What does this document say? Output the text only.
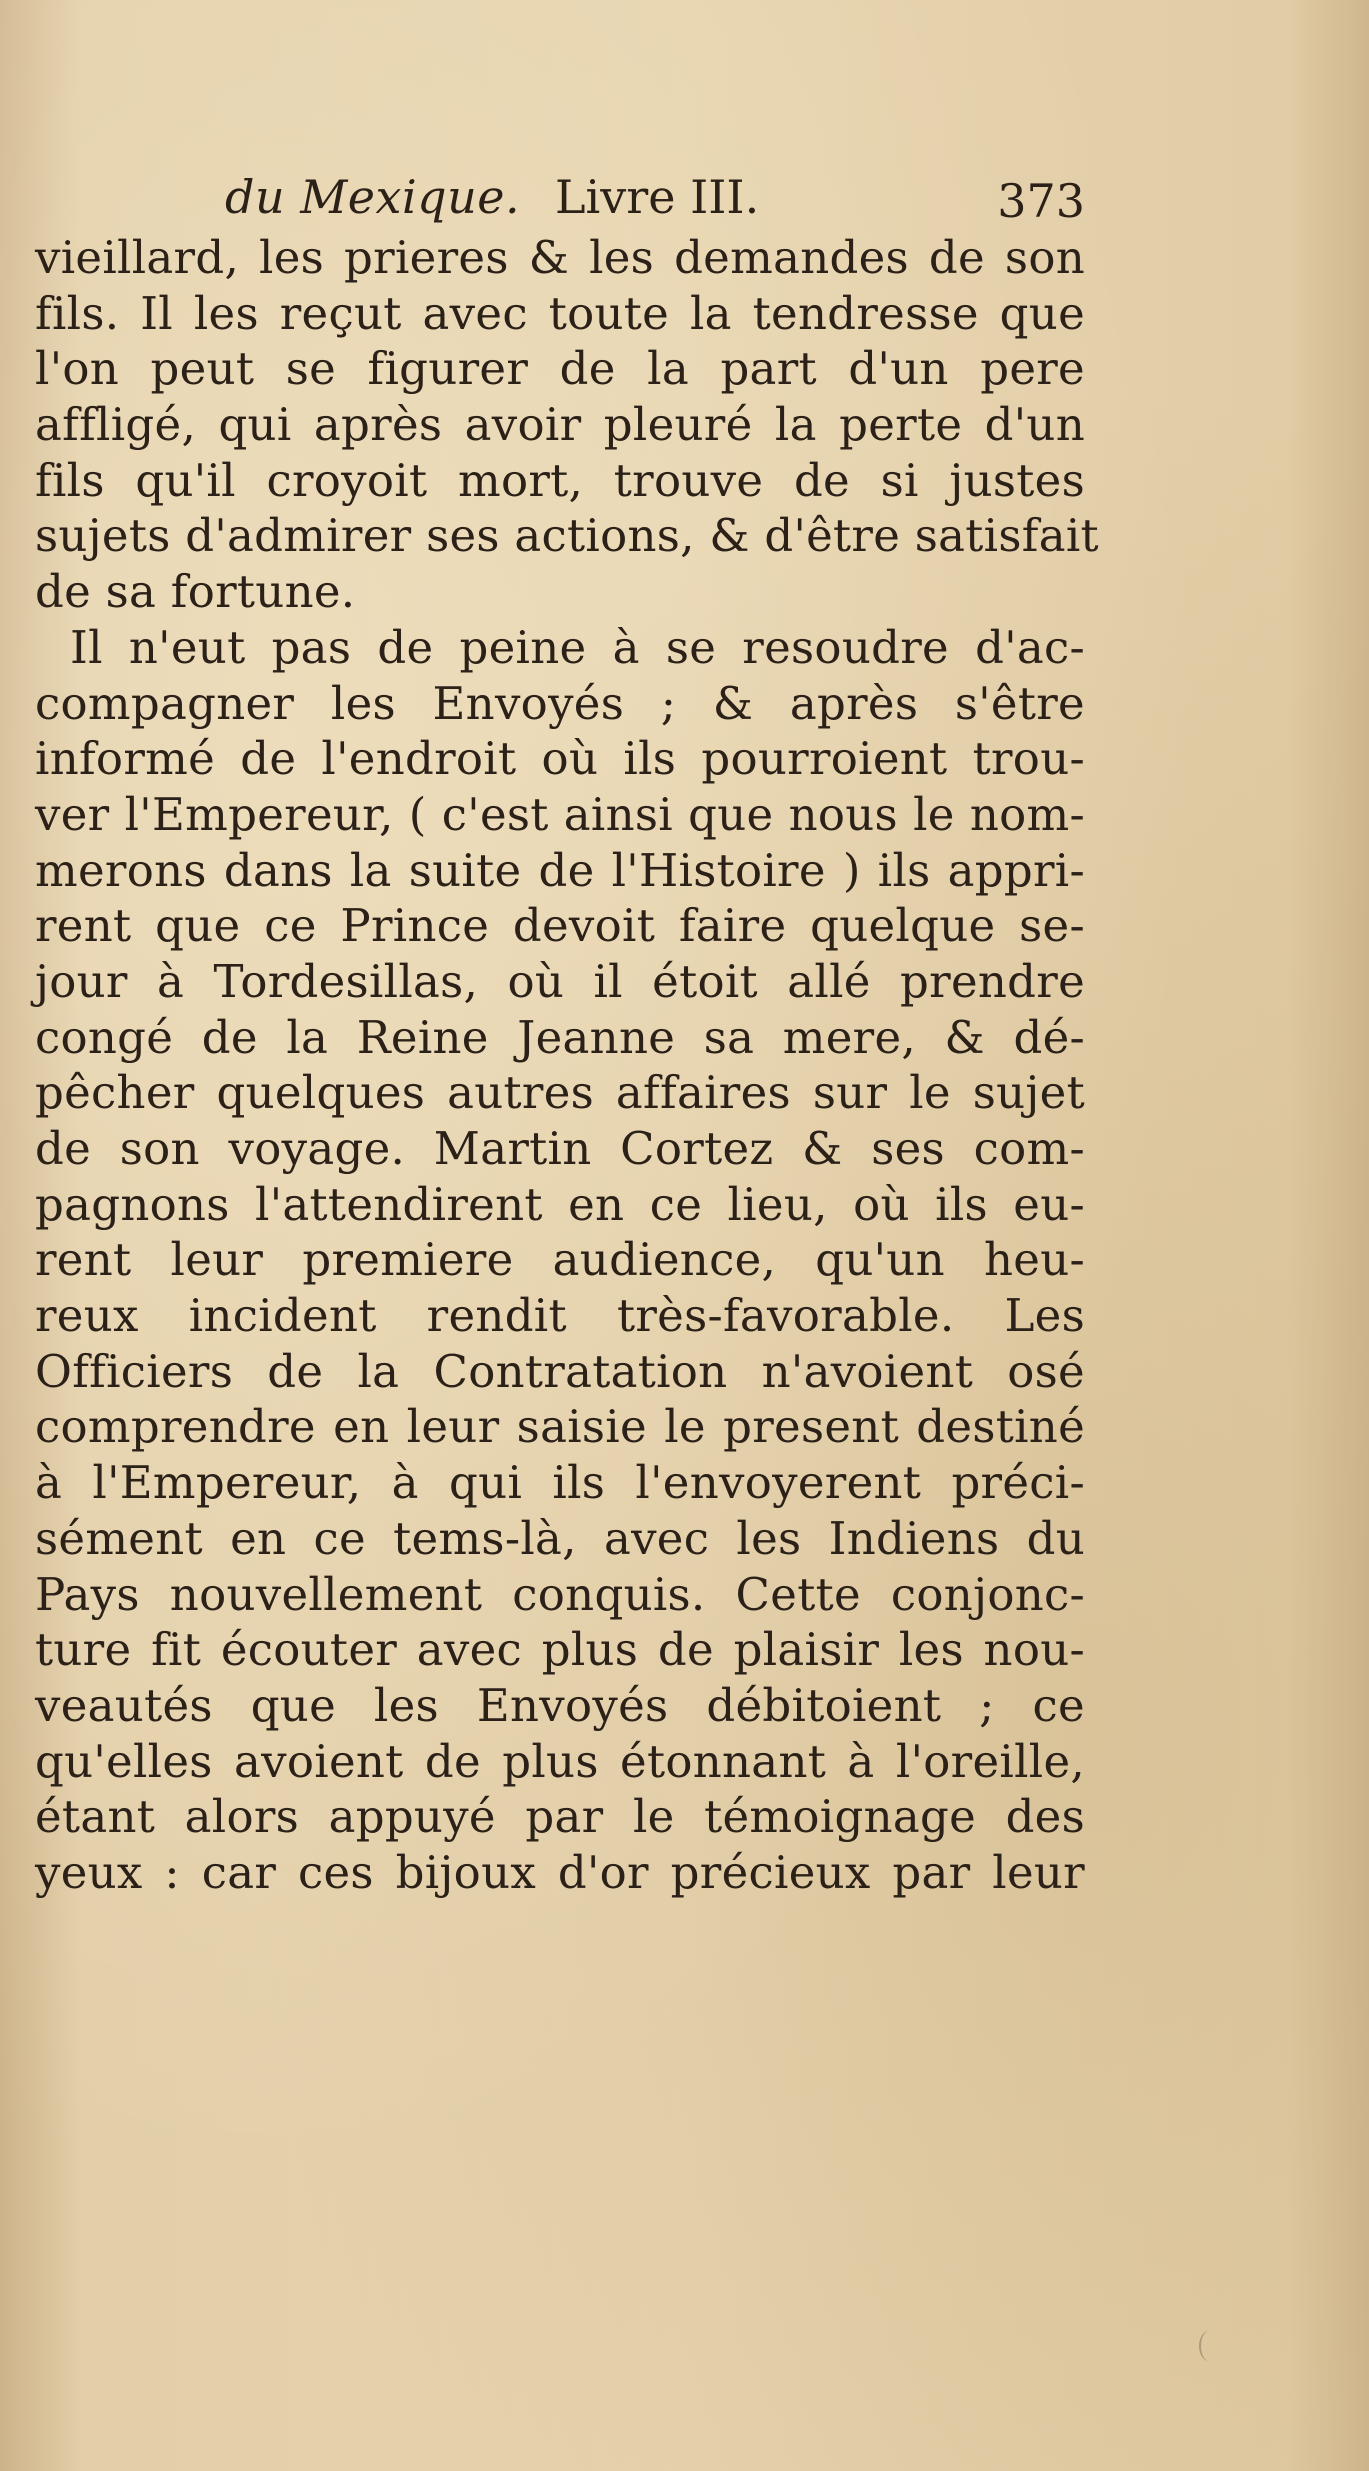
du Mexique. Livre III.	373
vieillard, les prieres & les demandes de son
fils. Il les reçut avec toute la tendresse que
l'on peut se figurer de la part d'un pere
affligé, qui après avoir pleuré la perte d'un
fils qu'il croyoit mort, trouve de si justes
sujets d'admirer ses actions, & d'être satisfait
de sa fortune.
Il n'eut pas de peine à se resoudre d'ac-
compagner les Envoyés ; & après s'être
informé de l'endroit où ils pourroient trou-
ver l'Empereur, ( c'est ainsi que nous le nom-
merons dans la suite de l'Histoire ) ils appri-
rent que ce Prince devoit faire quelque se-
jour à Tordesillas, où il étoit allé prendre
congé de la Reine Jeanne sa mere, & dé-
pêcher quelques autres affaires sur le sujet
de son voyage. Martin Cortez & ses com-
pagnons l'attendirent en ce lieu, où ils eu-
rent leur premiere audience, qu'un heu-
reux incident rendit très-favorable. Les
Officiers de la Contratation n'avoient osé
comprendre en leur saisie le present destiné
à l'Empereur, à qui ils l'envoyerent préci-
sément en ce tems-là, avec les Indiens du
Pays nouvellement conquis. Cette conjonc-
ture fit écouter avec plus de plaisir les nou-
veautés que les Envoyés débitoient ; ce
qu'elles avoient de plus étonnant à l'oreille,
étant alors appuyé par le témoignage des
yeux : car ces bijoux d'or précieux par leur
